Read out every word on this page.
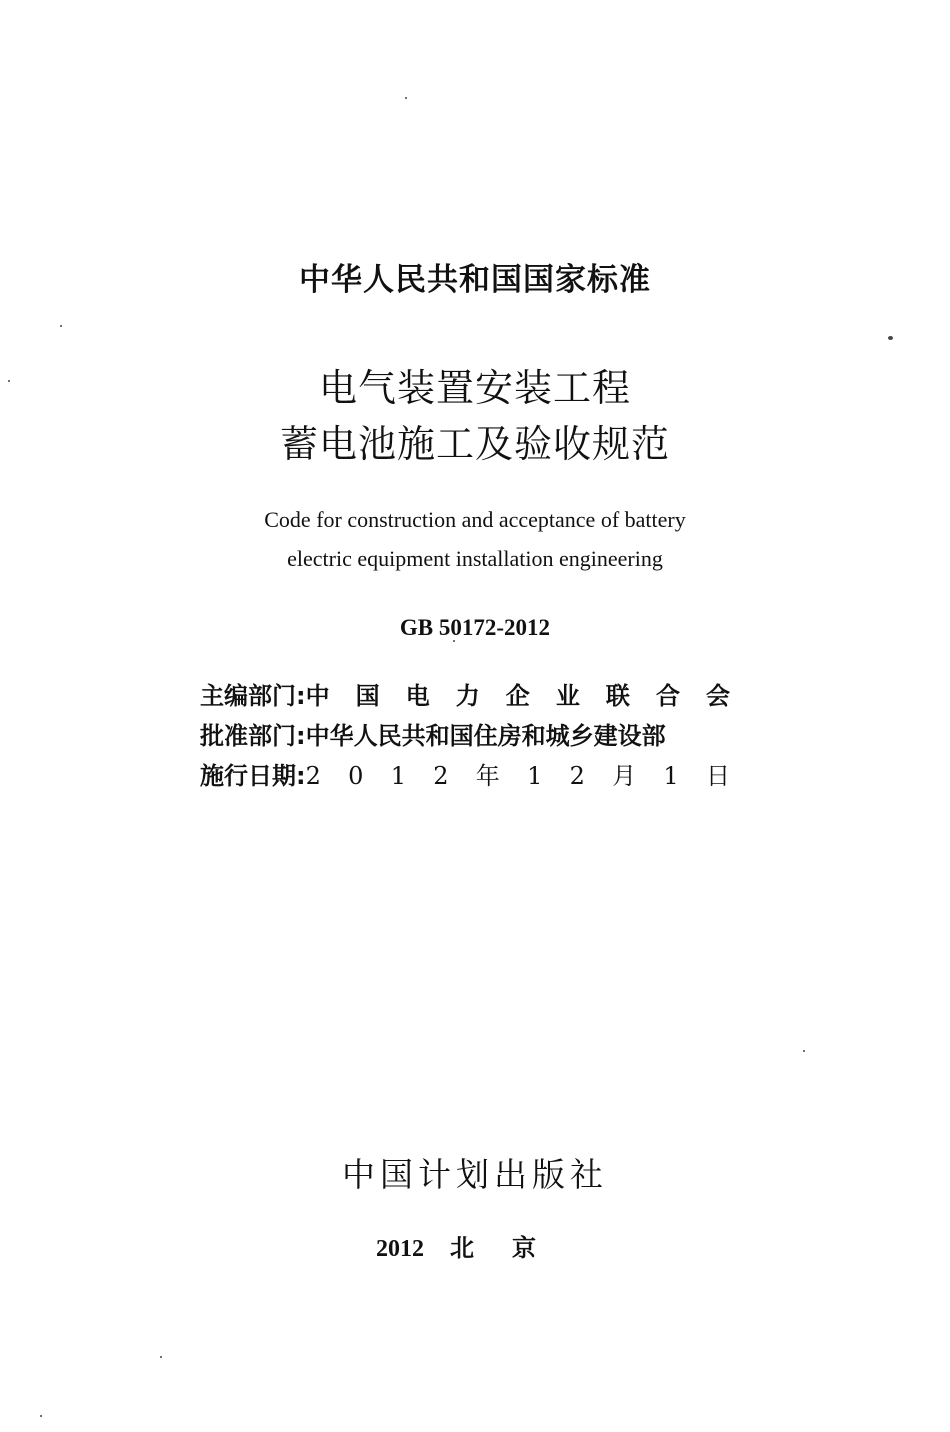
中华人民共和国国家标准
电气装置安装工程
蓄电池施工及验收规范
Code for construction and acceptance of battery
electric equipment installation engineering
GB 50172-2012
主编部门: 中 国 电 力 企 业 联 合 会
批准部门: 中华人民共和国住房和城乡建设部
施行日期: 2 0 1 2 年 1 2 月 1 日
中国计划出版社
2012 北京
